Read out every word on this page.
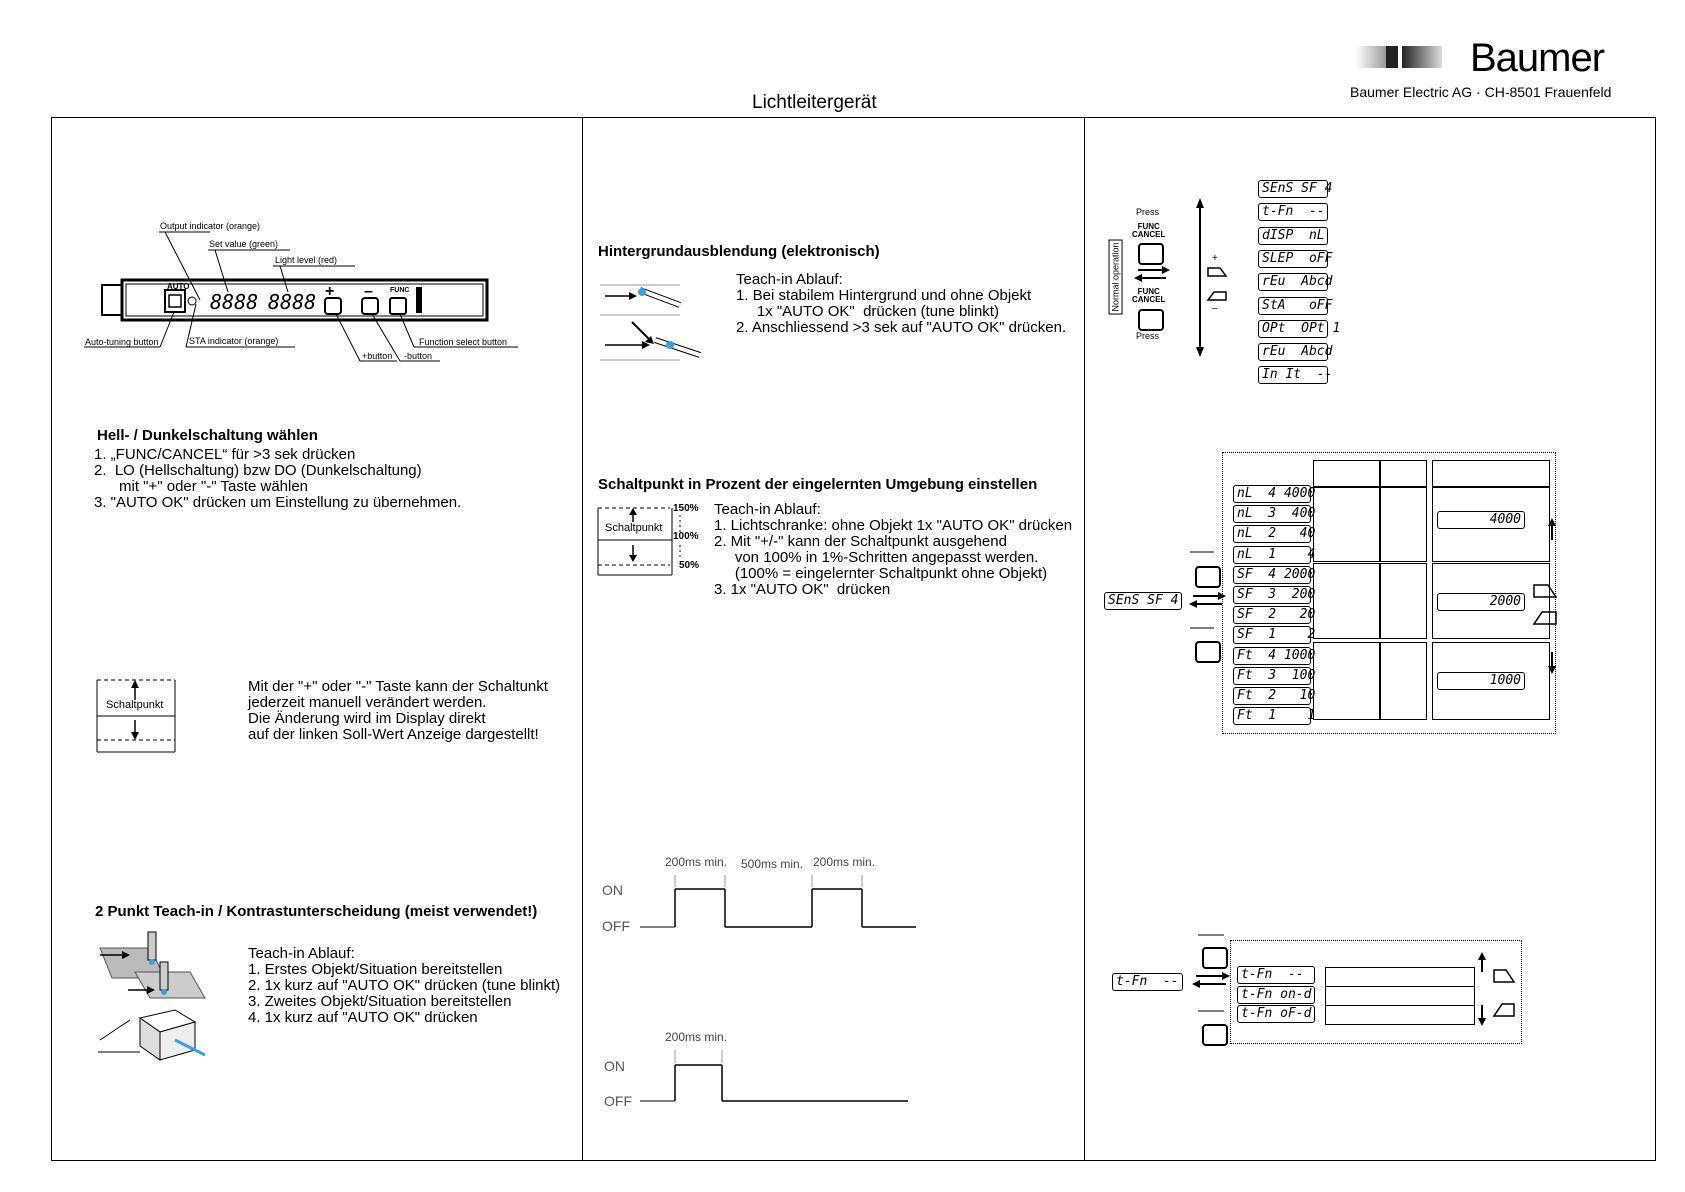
Baumer
Baumer Electric AG · CH-8501 Frauenfeld
Lichtleitergerät
AUTO
8888 8888 + – FUNC
Output indicator (orange)
Set value (green)
Light level (red)
Auto-tuning button	STA indicator (orange)	Function select button
+button -button
Hell- / Dunkelschaltung wählen
1. „FUNC/CANCEL“ für >3 sek drücken
2.  LO (Hellschaltung) bzw DO (Dunkelschaltung)
mit "+" oder "-" Taste wählen
3. "AUTO OK" drücken um Einstellung zu übernehmen.
Schaltpunkt
Mit der "+" oder "-" Taste kann der Schaltunkt
jederzeit manuell verändert werden.
Die Änderung wird im Display direkt
auf der linken Soll-Wert Anzeige dargestellt!
2 Punkt Teach-in / Kontrastunterscheidung (meist verwendet!)
Teach-in Ablauf:
1. Erstes Objekt/Situation bereitstellen
2. 1x kurz auf "AUTO OK" drücken (tune blinkt)
3. Zweites Objekt/Situation bereitstellen
4. 1x kurz auf "AUTO OK" drücken
Hintergrundausblendung (elektronisch)
Teach-in Ablauf:
1. Bei stabilem Hintergrund und ohne Objekt
1x "AUTO OK"  drücken (tune blinkt)
2. Anschliessend >3 sek auf "AUTO OK" drücken.
Schaltpunkt in Prozent der eingelernten Umgebung einstellen
Schaltpunkt
150%
100%
50%
Teach-in Ablauf:
1. Lichtschranke: ohne Objekt 1x "AUTO OK" drücken
2. Mit "+/-" kann der Schaltpunkt ausgehend
von 100% in 1%-Schritten angepasst werden.
(100% = eingelernter Schaltpunkt ohne Objekt)
3. 1x "AUTO OK"  drücken
200ms min. 500ms min. 200ms min.
ON
OFF
200ms min.
ON
OFF
Press
FUNC
CANCEL
Normal operation	FUNC
CANCEL
Press
+
–
SEnS SF 4
t-Fn  --
dISP  nL
SLEP  oFF
rEu  Abcd
StA   oFF
OPt  OPt 1
rEu  Abcd
In It  --
SEnS SF 4
4000
2000
1000
nL  4 4000
nL  3  400
nL  2   40
nL  1    4
SF  4 2000
SF  3  200
SF  2   20
SF  1    2
Ft  4 1000
Ft  3  100
Ft  2   10
Ft  1    1
t-Fn  --	t-Fn  --
t-Fn on-d
t-Fn oF-d
